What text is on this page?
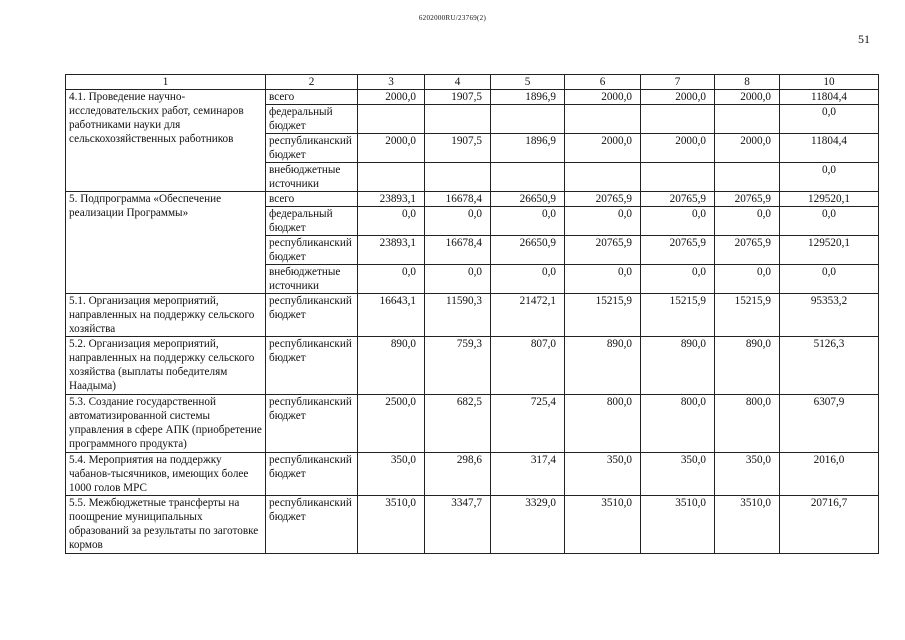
6202000RU/23769(2)
51
1	2	3	4	5	6	7	8	10
4.1. Проведение научно-исследовательских работ, семинаров работниками науки для сельскохозяйственных работников	всего	2000,0	1907,5	1896,9	2000,0	2000,0	2000,0	11804,4
	федеральный бюджет							0,0
	республиканский бюджет	2000,0	1907,5	1896,9	2000,0	2000,0	2000,0	11804,4
	внебюджетные источники							0,0
5. Подпрограмма «Обеспечение реализации Программы»	всего	23893,1	16678,4	26650,9	20765,9	20765,9	20765,9	129520,1
	федеральный бюджет	0,0	0,0	0,0	0,0	0,0	0,0	0,0
	республиканский бюджет	23893,1	16678,4	26650,9	20765,9	20765,9	20765,9	129520,1
	внебюджетные источники	0,0	0,0	0,0	0,0	0,0	0,0	0,0
5.1. Организация мероприятий, направленных на поддержку сельского хозяйства	республиканский бюджет	16643,1	11590,3	21472,1	15215,9	15215,9	15215,9	95353,2
5.2. Организация мероприятий, направленных на поддержку сельского хозяйства (выплаты победителям Наадыма)	республиканский бюджет	890,0	759,3	807,0	890,0	890,0	890,0	5126,3
5.3. Создание государственной автоматизированной системы управления в сфере АПК (приобретение программного продукта)	республиканский бюджет	2500,0	682,5	725,4	800,0	800,0	800,0	6307,9
5.4. Мероприятия на поддержку чабанов-тысячников, имеющих более 1000 голов МРС	республиканский бюджет	350,0	298,6	317,4	350,0	350,0	350,0	2016,0
5.5. Межбюджетные трансферты на поощрение муниципальных образований за результаты по заготовке кормов	республиканский бюджет	3510,0	3347,7	3329,0	3510,0	3510,0	3510,0	20716,7
